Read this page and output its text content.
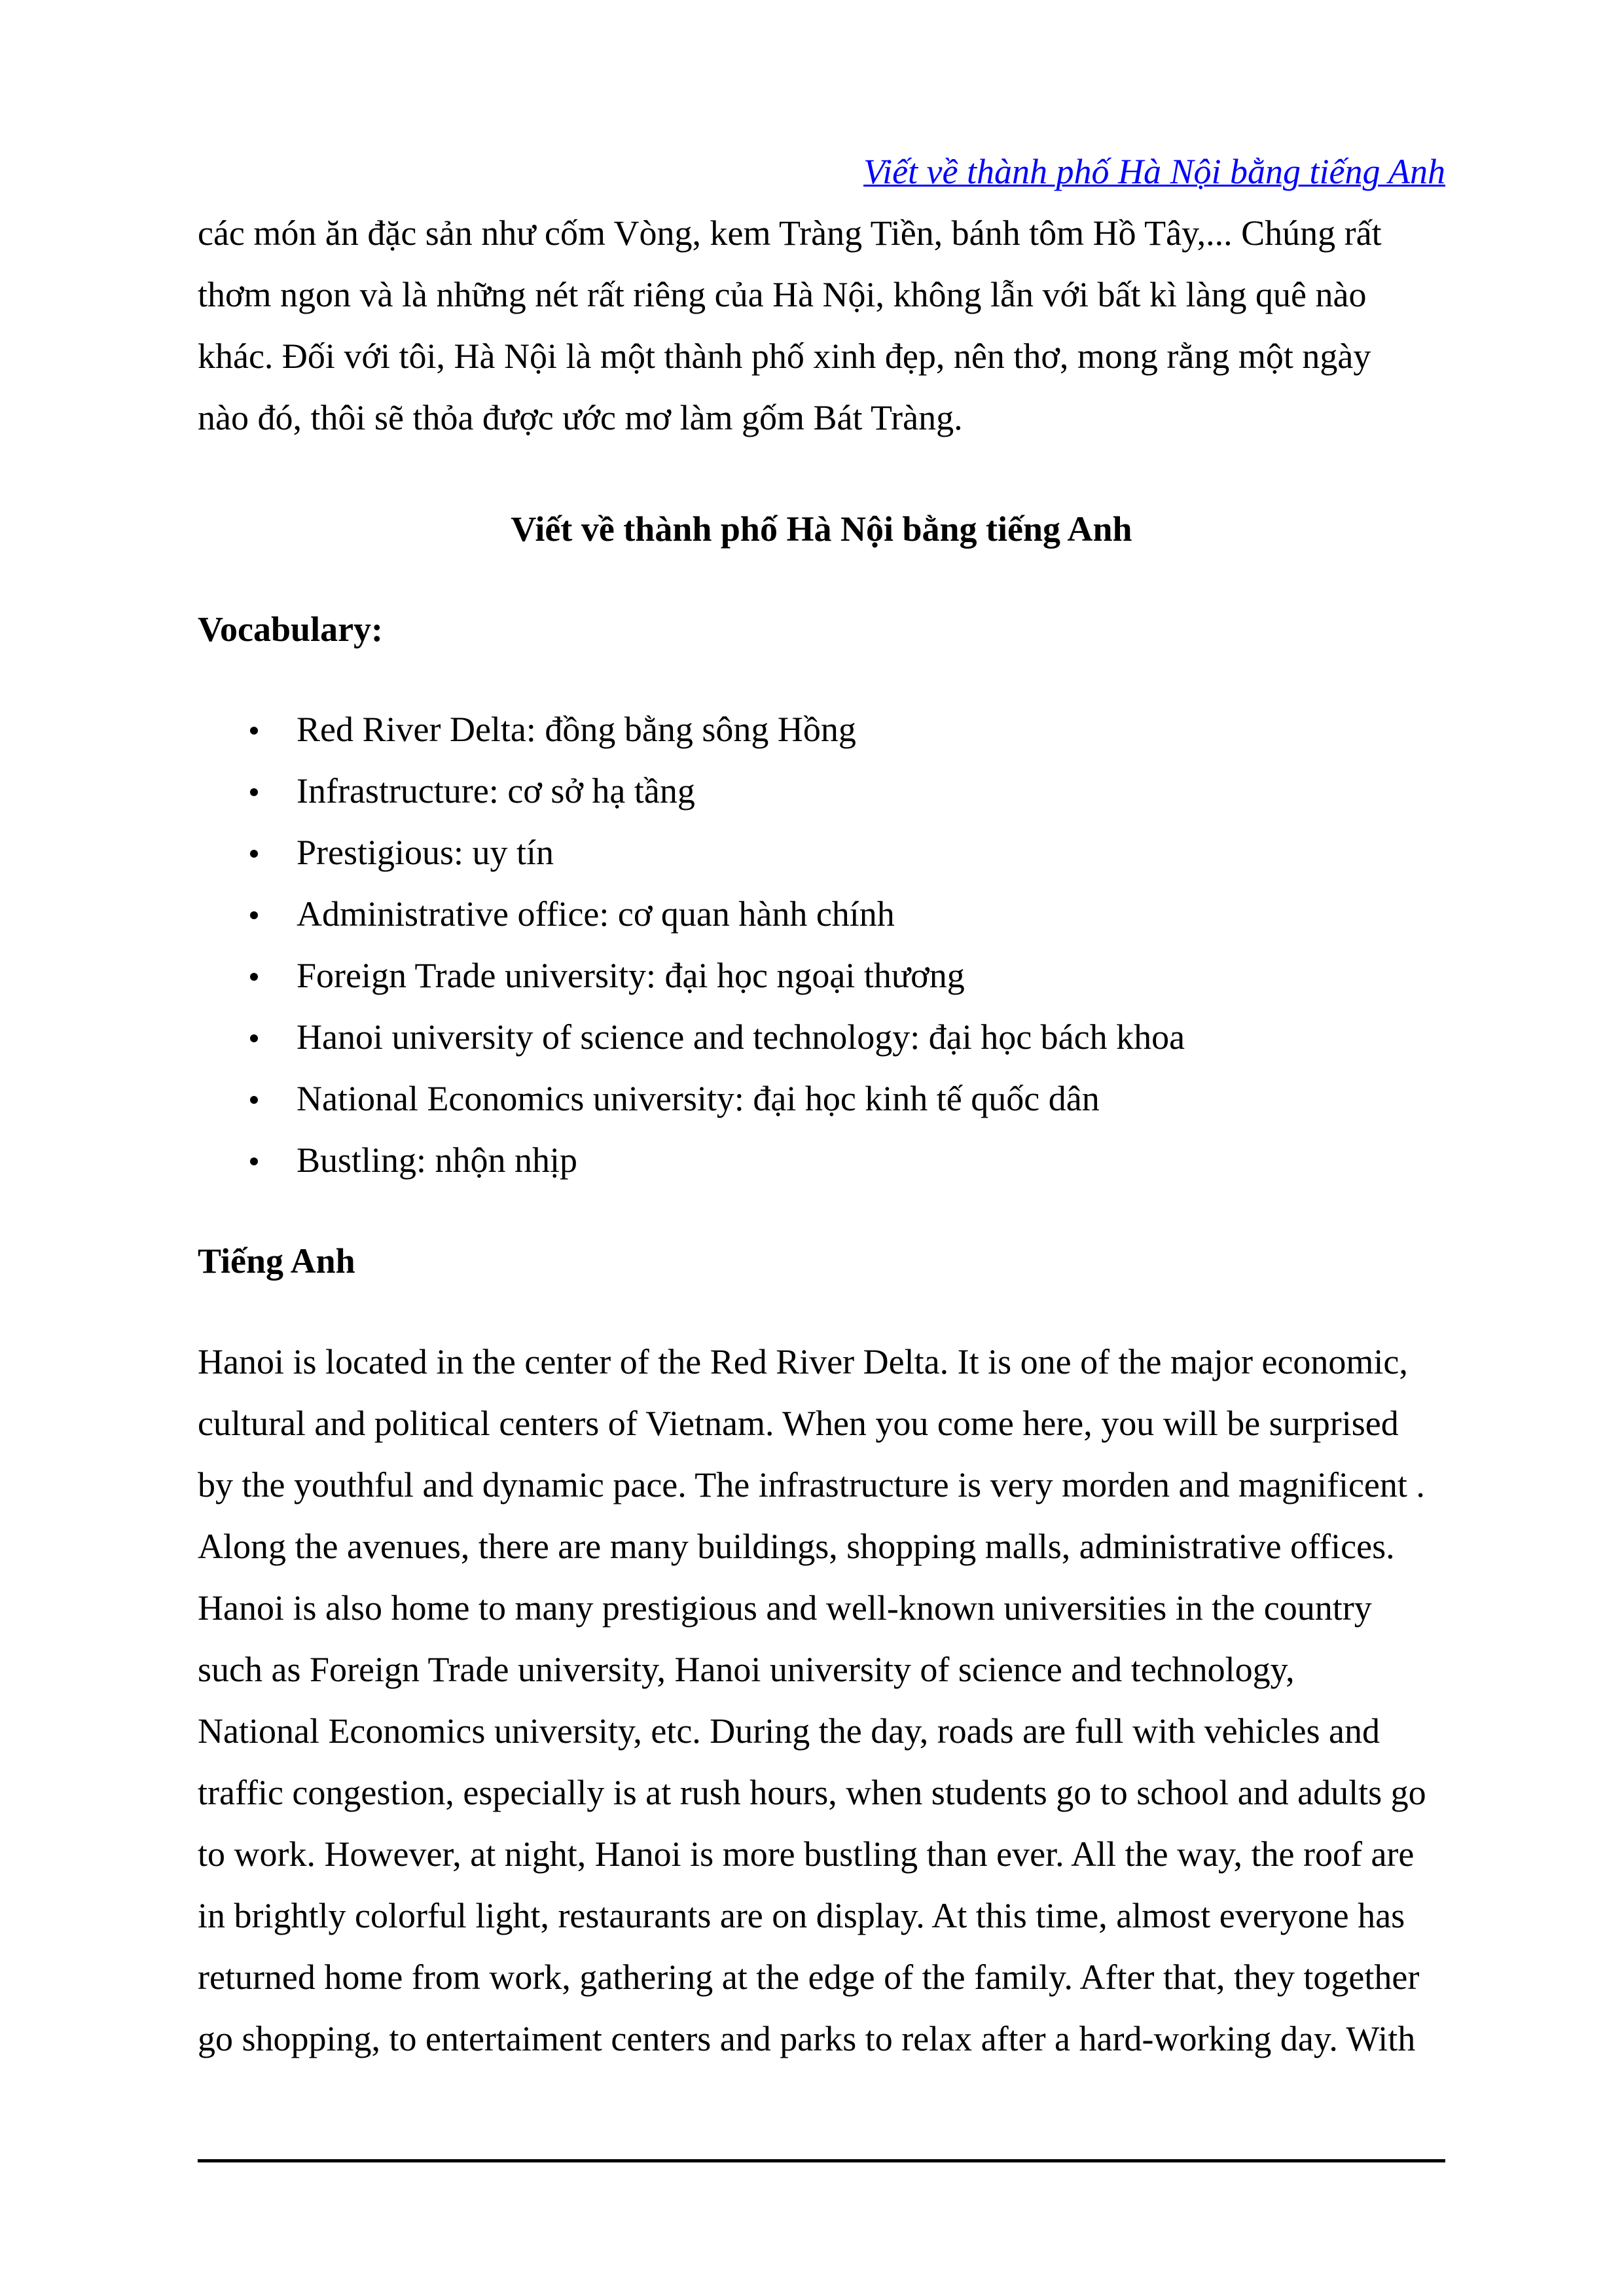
Viết về thành phố Hà Nội bằng tiếng Anh
các món ăn đặc sản như cốm Vòng, kem Tràng Tiền, bánh tôm Hồ Tây,... Chúng rất
thơm ngon và là những nét rất riêng của Hà Nội, không lẫn với bất kì làng quê nào
khác. Đối với tôi, Hà Nội là một thành phố xinh đẹp, nên thơ, mong rằng một ngày
nào đó, thôi sẽ thỏa được ước mơ làm gốm Bát Tràng.
Viết về thành phố Hà Nội bằng tiếng Anh
Vocabulary:
Red River Delta: đồng bằng sông Hồng
Infrastructure: cơ sở hạ tầng
Prestigious: uy tín
Administrative office: cơ quan hành chính
Foreign Trade university: đại học ngoại thương
Hanoi university of science and technology: đại học bách khoa
National Economics university: đại học kinh tế quốc dân
Bustling: nhộn nhịp
Tiếng Anh
Hanoi is located in the center of the Red River Delta. It is one of the major economic,
cultural and political centers of Vietnam. When you come here, you will be surprised
by the youthful and dynamic pace. The infrastructure is very morden and magnificent .
Along the avenues, there are many buildings, shopping malls, administrative offices.
Hanoi is also home to many prestigious and well-known universities in the country
such as Foreign Trade university, Hanoi university of science and technology,
National Economics university, etc. During the day, roads are full with vehicles and
traffic congestion, especially is at rush hours, when students go to school and adults go
to work. However, at night, Hanoi is more bustling than ever. All the way, the roof are
in brightly colorful light, restaurants are on display. At this time, almost everyone has
returned home from work, gathering at the edge of the family. After that, they together
go shopping, to entertaiment centers and parks to relax after a hard-working day. With
